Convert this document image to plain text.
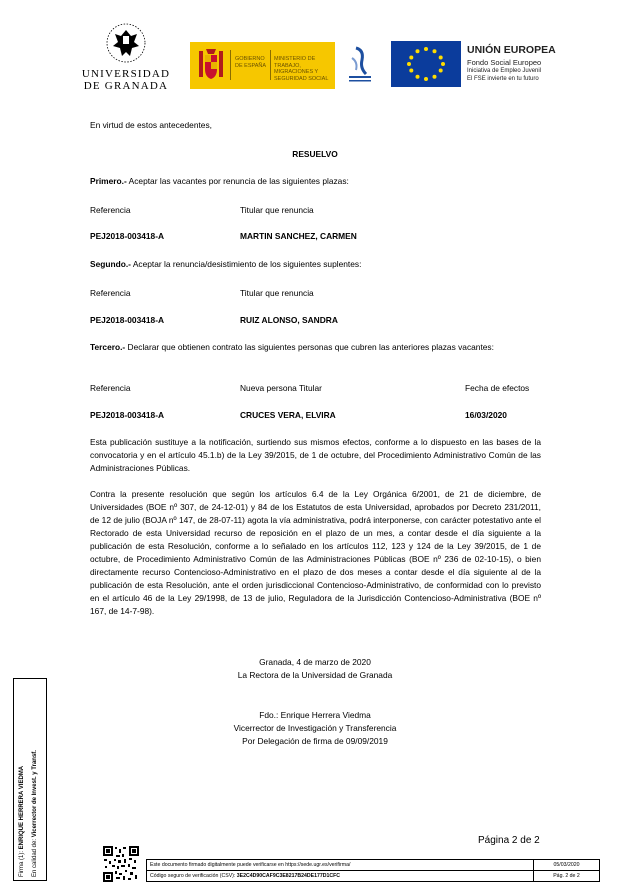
UNIVERSIDAD
DE GRANADA
GOBIERNO DE ESPAÑA
MINISTERIO DE TRABAJO, MIGRACIONES Y SEGURIDAD SOCIAL
UNIÓN EUROPEA
Fondo Social Europeo
Iniciativa de Empleo Juvenil
El FSE invierte en tu futuro
En virtud de estos antecedentes,
RESUELVO
Primero.- Aceptar las vacantes por renuncia de las siguientes plazas:
Referencia	Titular que renuncia
PEJ2018-003418-A	MARTIN SANCHEZ, CARMEN
Segundo.- Aceptar la renuncia/desistimiento de los siguientes suplentes:
Referencia	Titular que renuncia
PEJ2018-003418-A	RUIZ ALONSO, SANDRA
Tercero.- Declarar que obtienen contrato las siguientes personas que cubren las anteriores plazas vacantes:
Referencia	Nueva persona Titular	Fecha de efectos
PEJ2018-003418-A	CRUCES VERA, ELVIRA	16/03/2020
Esta publicación sustituye a la notificación, surtiendo sus mismos efectos, conforme a lo dispuesto en las bases de la convocatoria y en el artículo 45.1.b) de la Ley 39/2015, de 1 de octubre, del Procedimiento Administrativo Común de las Administraciones Públicas.
Contra la presente resolución que según los artículos 6.4 de la Ley Orgánica 6/2001, de 21 de diciembre, de Universidades (BOE nº 307, de 24-12-01) y 84 de los Estatutos de esta Universidad, aprobados por Decreto 231/2011, de 12 de julio (BOJA nº 147, de 28-07-11) agota la vía administrativa, podrá interponerse, con carácter potestativo ante el Rectorado de esta Universidad recurso de reposición en el plazo de un mes, a contar desde el día siguiente a la publicación de esta Resolución, conforme a lo señalado en los artículos 112, 123 y 124 de la Ley 39/2015, de 1 de octubre, de Procedimiento Administrativo Común de las Administraciones Públicas (BOE nº 236 de 02-10-15), o bien directamente recurso Contencioso-Administrativo en el plazo de dos meses a contar desde el día siguiente al de la publicación de esta Resolución, ante el orden jurisdiccional Contencioso-Administrativo, de conformidad con lo previsto en el artículo 46 de la Ley 29/1998, de 13 de julio, Reguladora de la Jurisdicción Contencioso-Administrativa (BOE nº 167, de 14-7-98).
Granada, 4 de marzo de 2020
La Rectora de la Universidad de Granada
Fdo.: Enrique Herrera Viedma
Vicerrector de Investigación y Transferencia
Por Delegación de firma de 09/09/2019
Página 2 de 2
Firma (1): ENRIQUE HERRERA VIEDMA
En calidad de: Vicerrector de Invest. y Transf.
Este documento firmado digitalmente puede verificarse en https://sede.ugr.es/verifirma/	05/03/2020
Código seguro de verificación (CSV): 3E2C4D90CAF9C3E8217B24DE177D1CFC	Pág. 2 de 2
